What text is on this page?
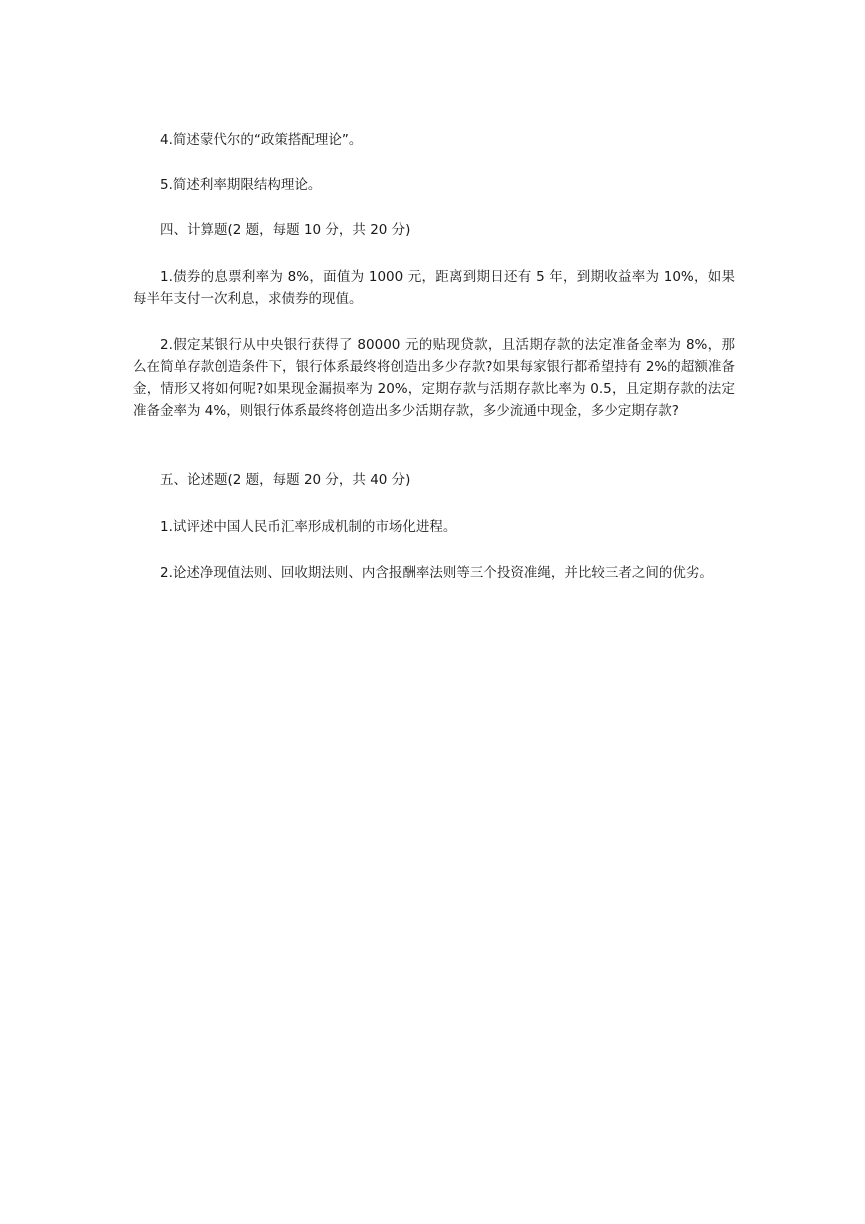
4.简述蒙代尔的“政策搭配理论”。

5.简述利率期限结构理论。

四、计算题(2 题，每题 10 分，共 20 分)

1.债券的息票利率为 8%，面值为 1000 元，距离到期日还有 5 年，到期收益率为 10%，如果每半年支付一次利息，求债券的现值。

2.假定某银行从中央银行获得了 80000 元的贴现贷款，且活期存款的法定准备金率为 8%，那么在简单存款创造条件下，银行体系最终将创造出多少存款?如果每家银行都希望持有 2%的超额准备金，情形又将如何呢?如果现金漏损率为 20%，定期存款与活期存款比率为 0.5，且定期存款的法定准备金率为 4%，则银行体系最终将创造出多少活期存款，多少流通中现金，多少定期存款?

五、论述题(2 题，每题 20 分，共 40 分)

1.试评述中国人民币汇率形成机制的市场化进程。

2.论述净现值法则、回收期法则、内含报酬率法则等三个投资准绳，并比较三者之间的优劣。
